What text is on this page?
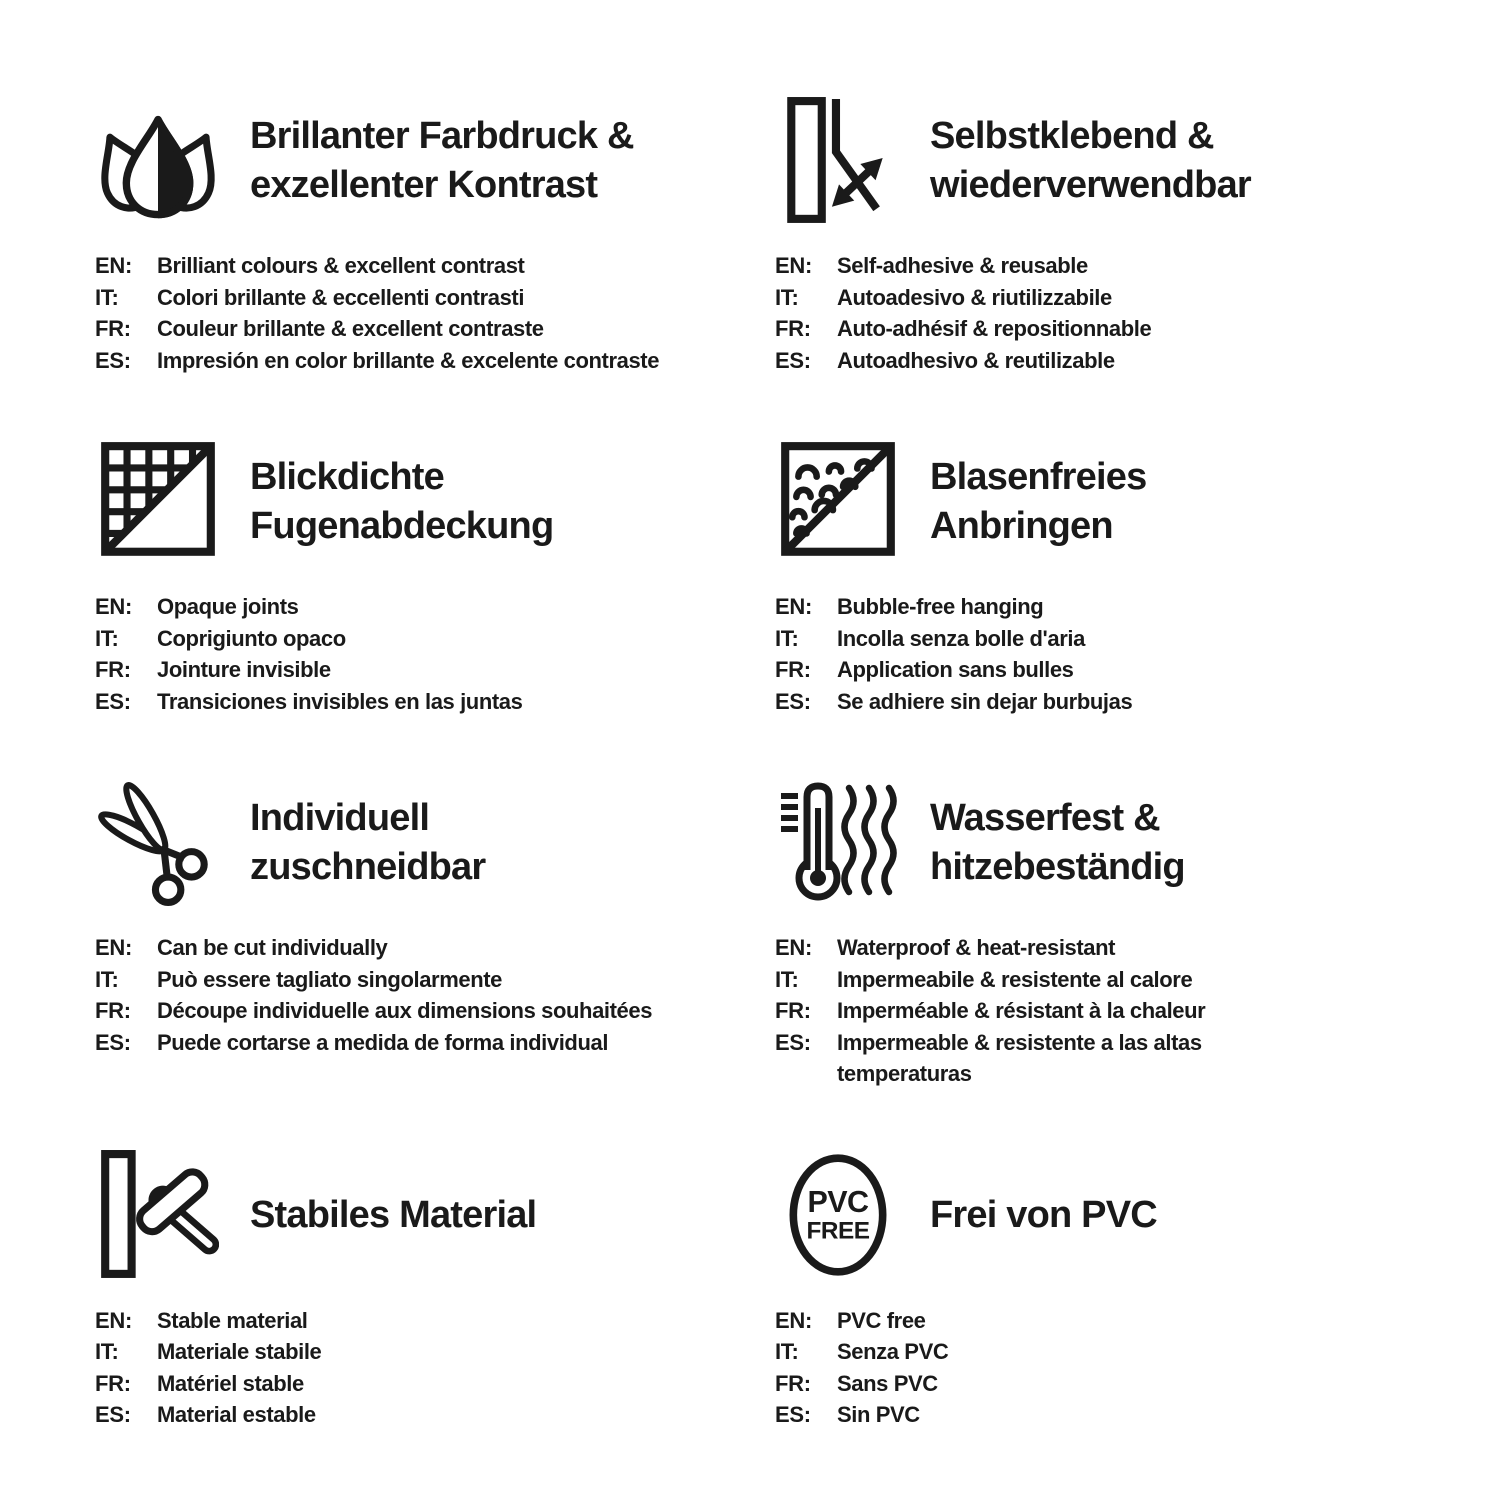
Brillanter Farbdruck &
exzellenter Kontrast
EN:	Brilliant colours & excellent contrast
IT:	Colori brillante & eccellenti contrasti
FR:	Couleur brillante & excellent contraste
ES:	Impresión en color brillante & excelente contraste
Selbstklebend &
wiederverwendbar
EN:	Self-adhesive & reusable
IT:	Autoadesivo & riutilizzabile
FR:	Auto-adhésif & repositionnable
ES:	Autoadhesivo & reutilizable
Blickdichte
Fugenabdeckung
EN:	Opaque joints
IT:	Coprigiunto opaco
FR:	Jointure invisible
ES:	Transiciones invisibles en las juntas
Blasenfreies
Anbringen
EN:	Bubble-free hanging
IT:	Incolla senza bolle d'aria
FR:	Application sans bulles
ES:	Se adhiere sin dejar burbujas
Individuell
zuschneidbar
EN:	Can be cut individually
IT:	Può essere tagliato singolarmente
FR:	Découpe individuelle aux dimensions souhaitées
ES:	Puede cortarse a medida de forma individual
Wasserfest &
hitzebeständig
EN:	Waterproof & heat-resistant
IT:	Impermeabile & resistente al calore
FR:	Imperméable & résistant à la chaleur
ES:	Impermeable & resistente a las altas
temperaturas
Stabiles Material
EN:	Stable material
IT:	Materiale stabile
FR:	Matériel stable
ES:	Material estable
PVC
FREE Frei von PVC
EN:	PVC free
IT:	Senza PVC
FR:	Sans PVC
ES:	Sin PVC
